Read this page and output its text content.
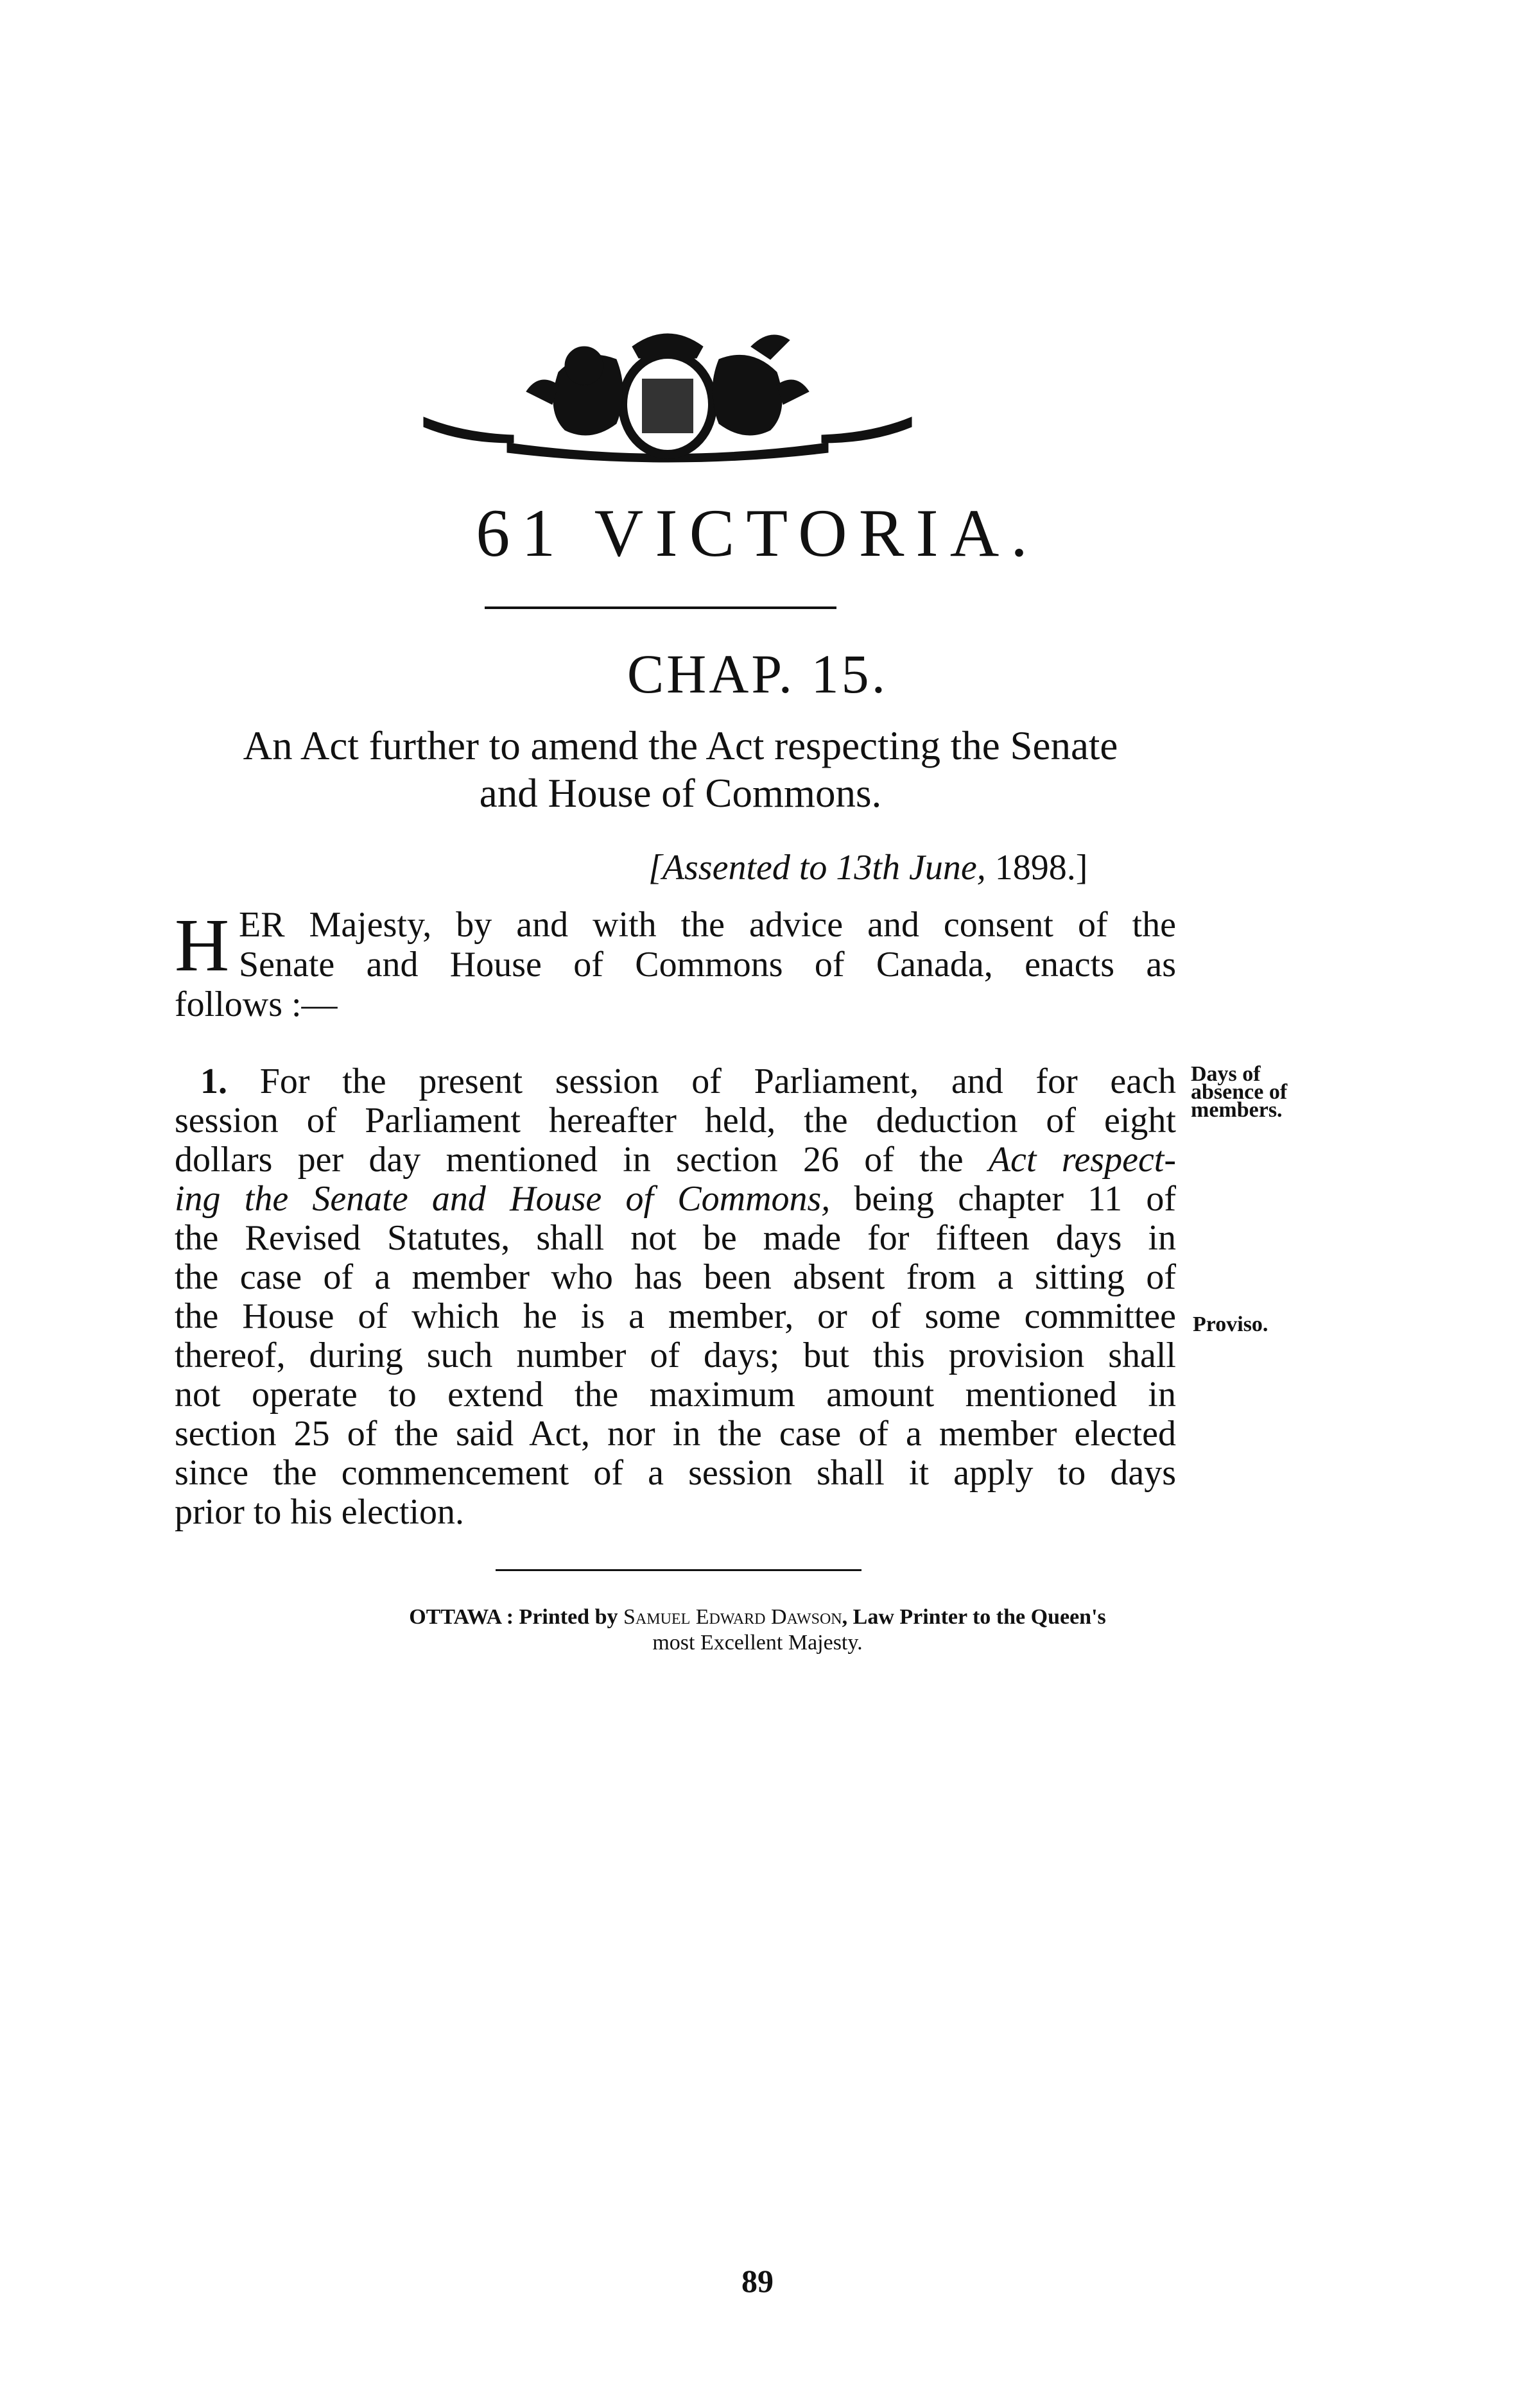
61 VICTORIA.
CHAP. 15.
An Act further to amend the Act respecting the Senate
and House of Commons.
[Assented to 13th June, 1898.]
H ER Majesty, by and with the advice and consent of the
Senate and House of Commons of Canada, enacts as
follows :—
1. For the present session of Parliament, and for each
session of Parliament hereafter held, the deduction of eight
dollars per day mentioned in section 26 of the Act respect-
ing the Senate and House of Commons, being chapter 11 of
the Revised Statutes, shall not be made for fifteen days in
the case of a member who has been absent from a sitting of
the House of which he is a member, or of some committee
thereof, during such number of days; but this provision shall
not operate to extend the maximum amount mentioned in
section 25 of the said Act, nor in the case of a member elected
since the commencement of a session shall it apply to days
prior to his election.
Days of
absence of
members.
Proviso.
OTTAWA : Printed by Samuel Edward Dawson, Law Printer to the Queen's
most Excellent Majesty.
89
